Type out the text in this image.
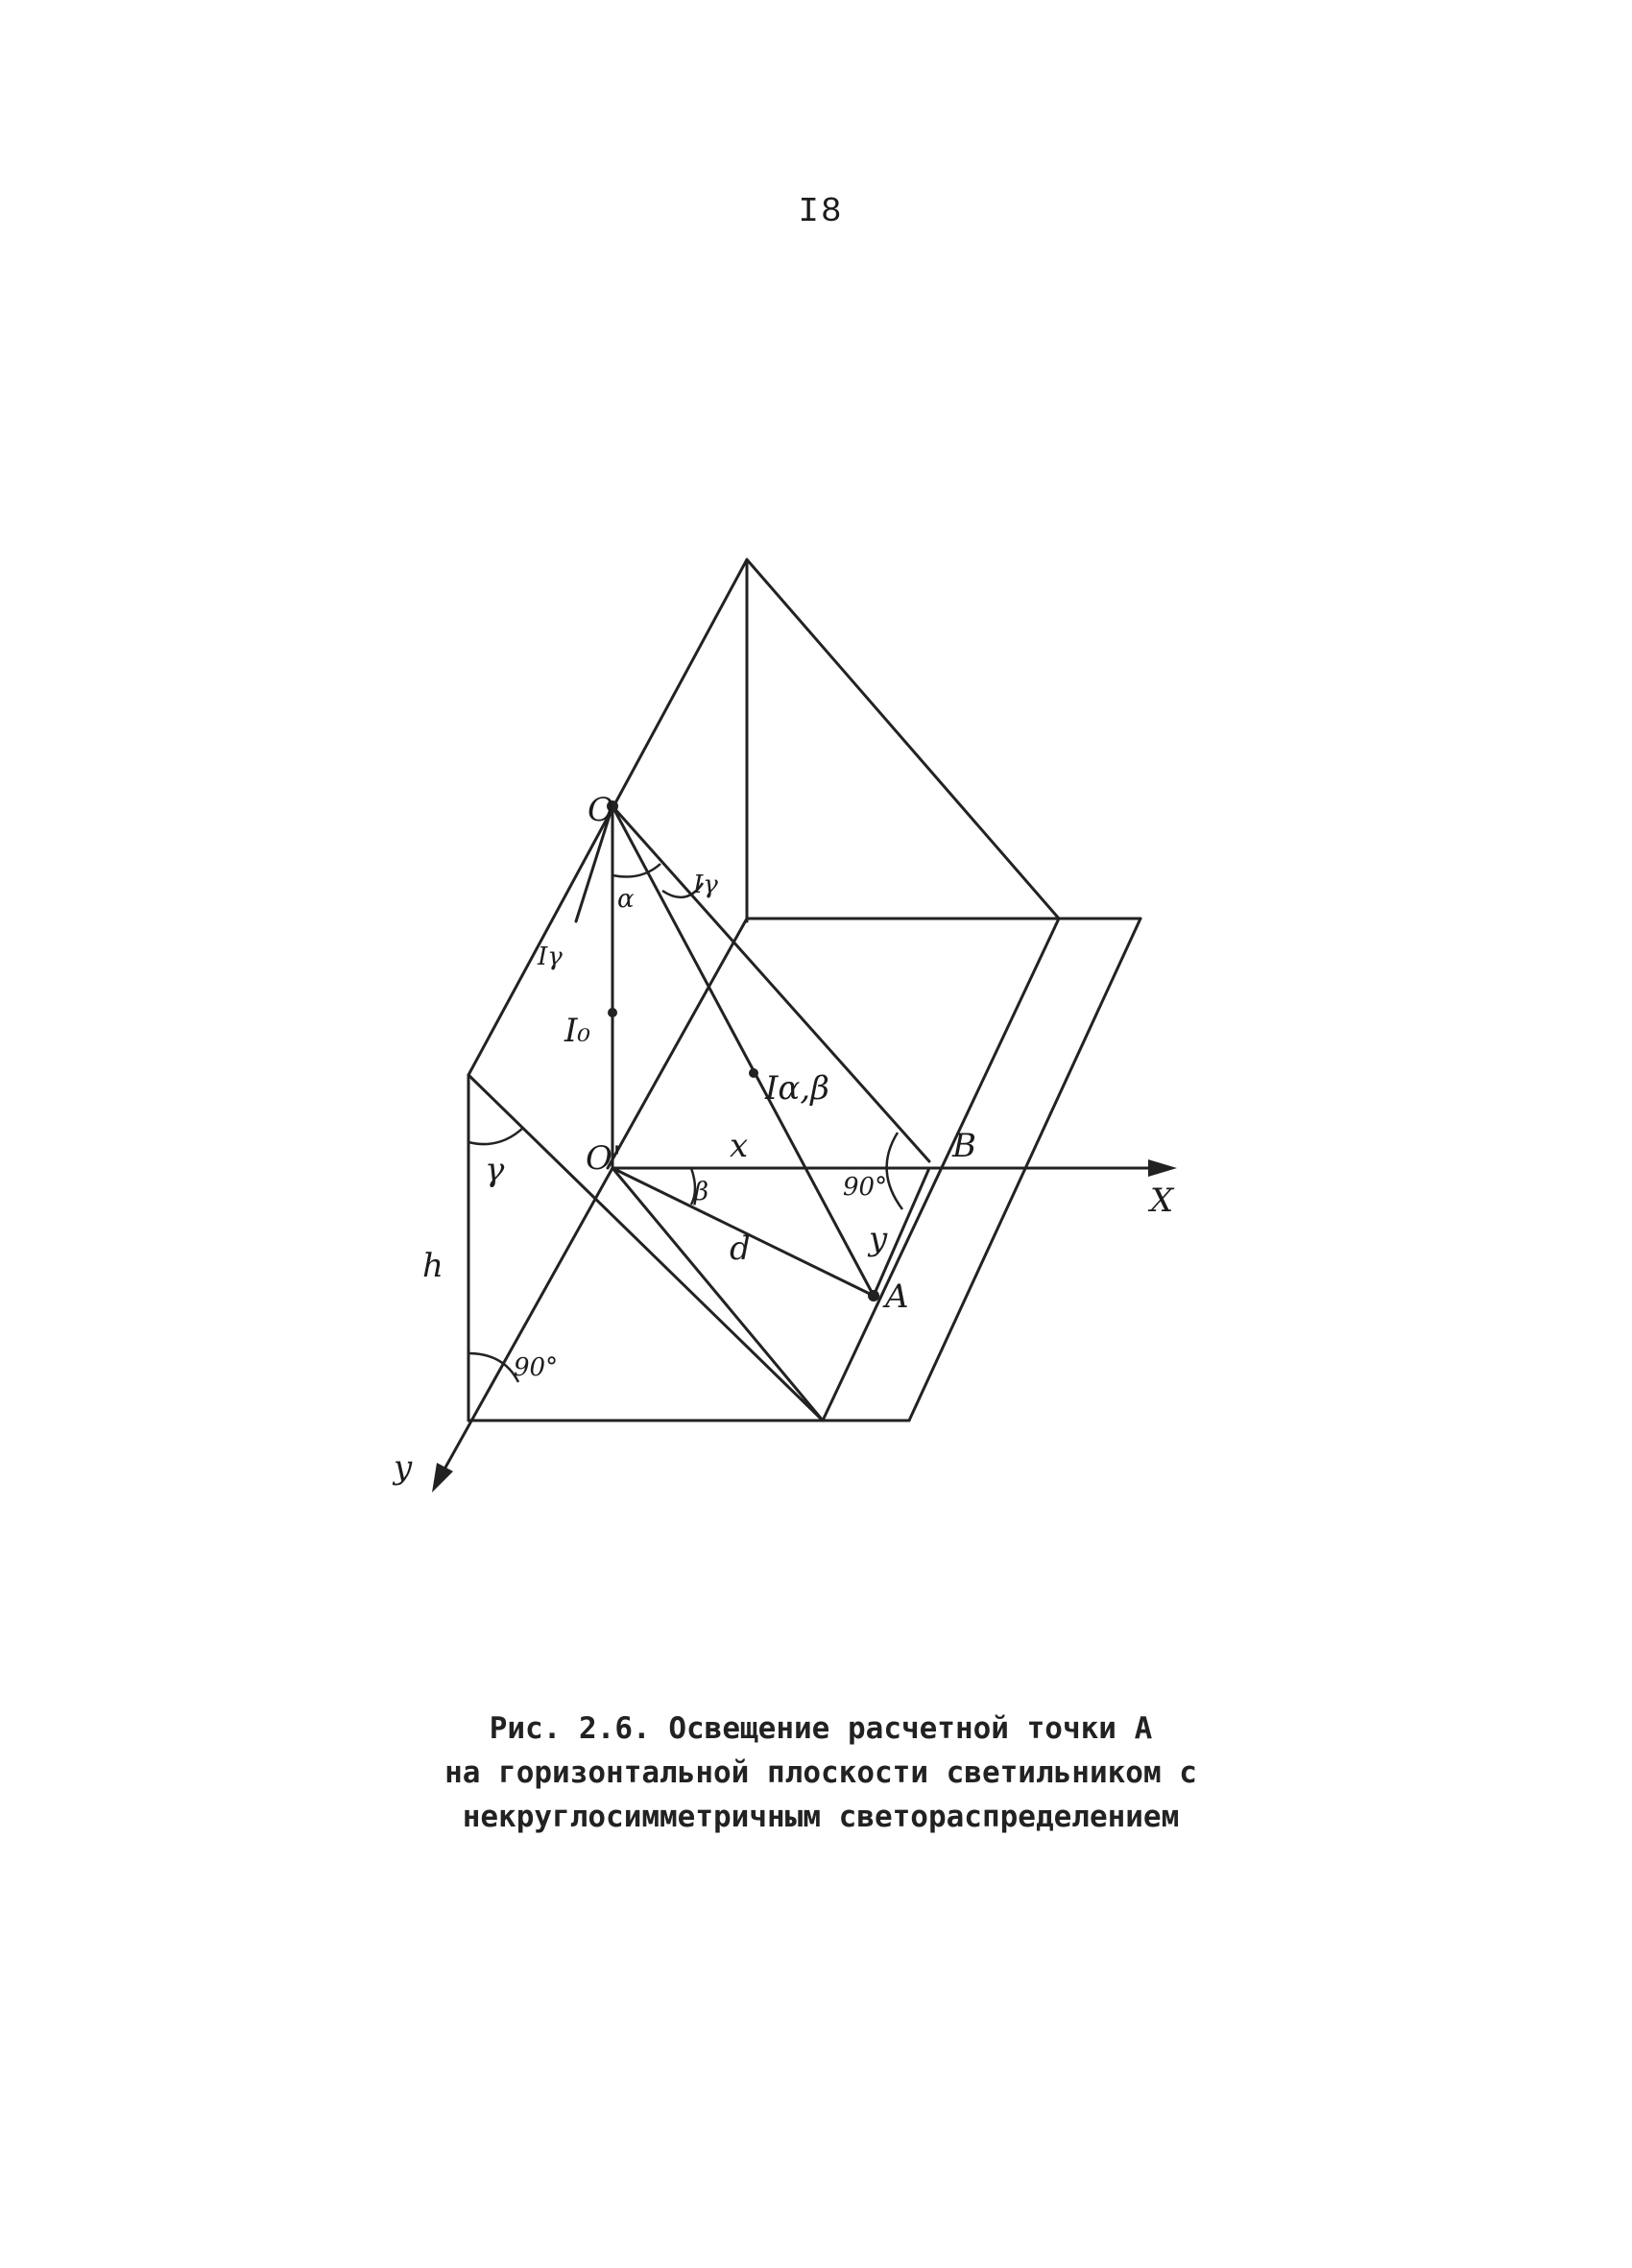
I8
O
O'
A
B
X
y
h
x
y
d
γ
α
β
90°
90°
I₀
Iγ
Iγ
Iα,β
Рис. 2.6. Освещение расчетной точки А
на горизонтальной плоскости светильником с
некруглосимметричным светораспределением
